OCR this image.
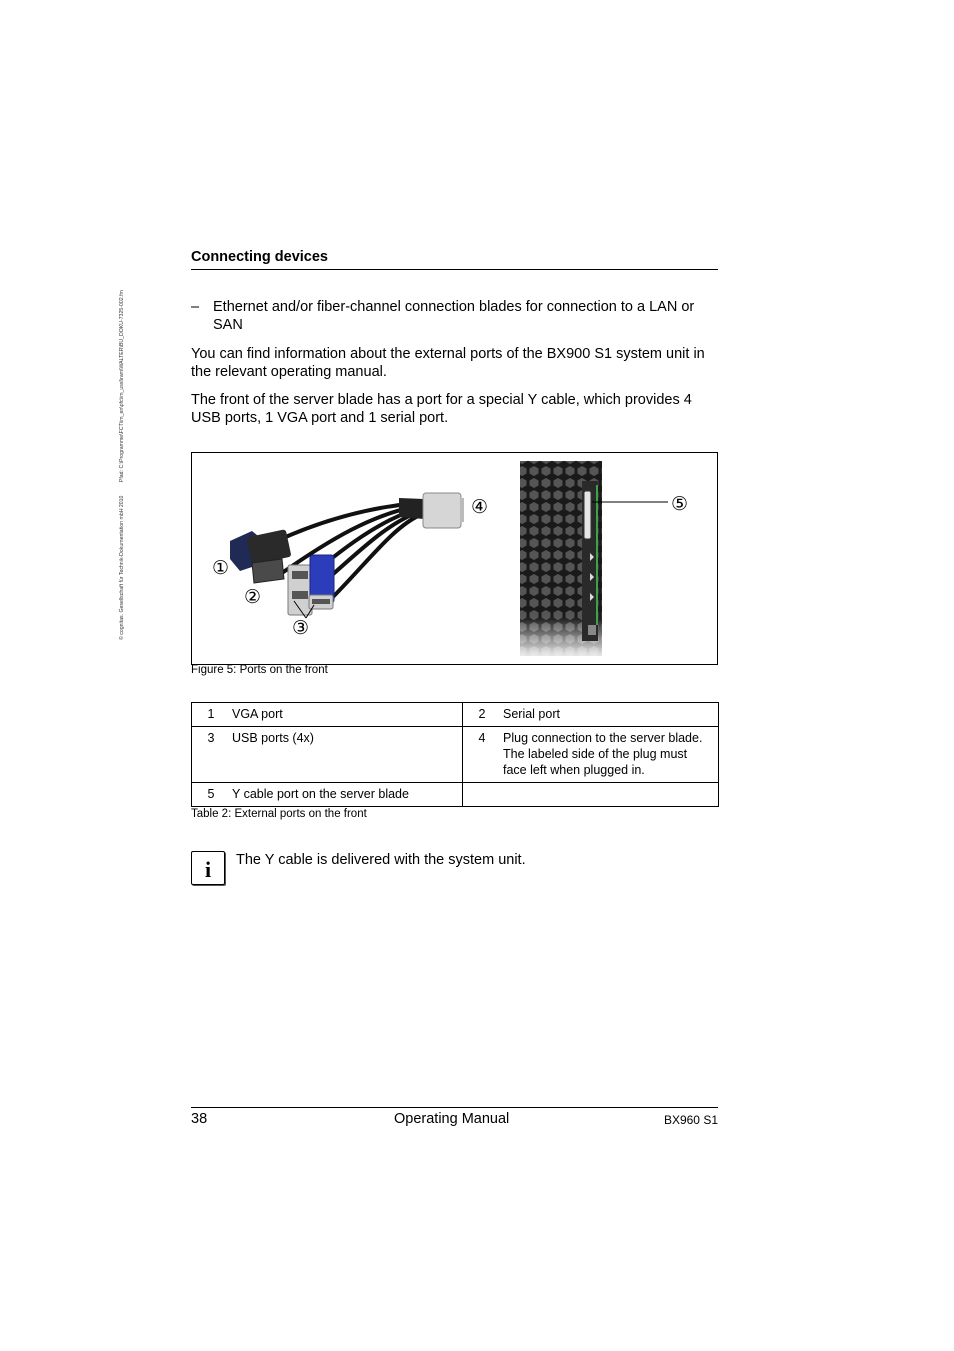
© cognitas. Gesellschaft für Technik-Dokumentation mbH 2010 Pfad: C:\Programme\FCT\im_en\pfc\im_ussl\ram\WALTER\BU_DOKU-7325-002.fm
Connecting devices
– Ethernet and/or fiber-channel connection blades for connection to a LAN or SAN

You can find information about the external ports of the BX900 S1 system unit in the relevant operating manual.

The front of the server blade has a port for a special Y cable, which provides 4 USB ports, 1 VGA port and 1 serial port.

①
②
③
④	⑤
Figure 5: Ports on the front
1	VGA port	2	Serial port
3	USB ports (4x)	4	Plug connection to the server blade. The labeled side of the plug must face left when plugged in.
5	Y cable port on the server blade		
Table 2: External ports on the front
i	The Y cable is delivered with the system unit.
38	Operating Manual	BX960 S1
